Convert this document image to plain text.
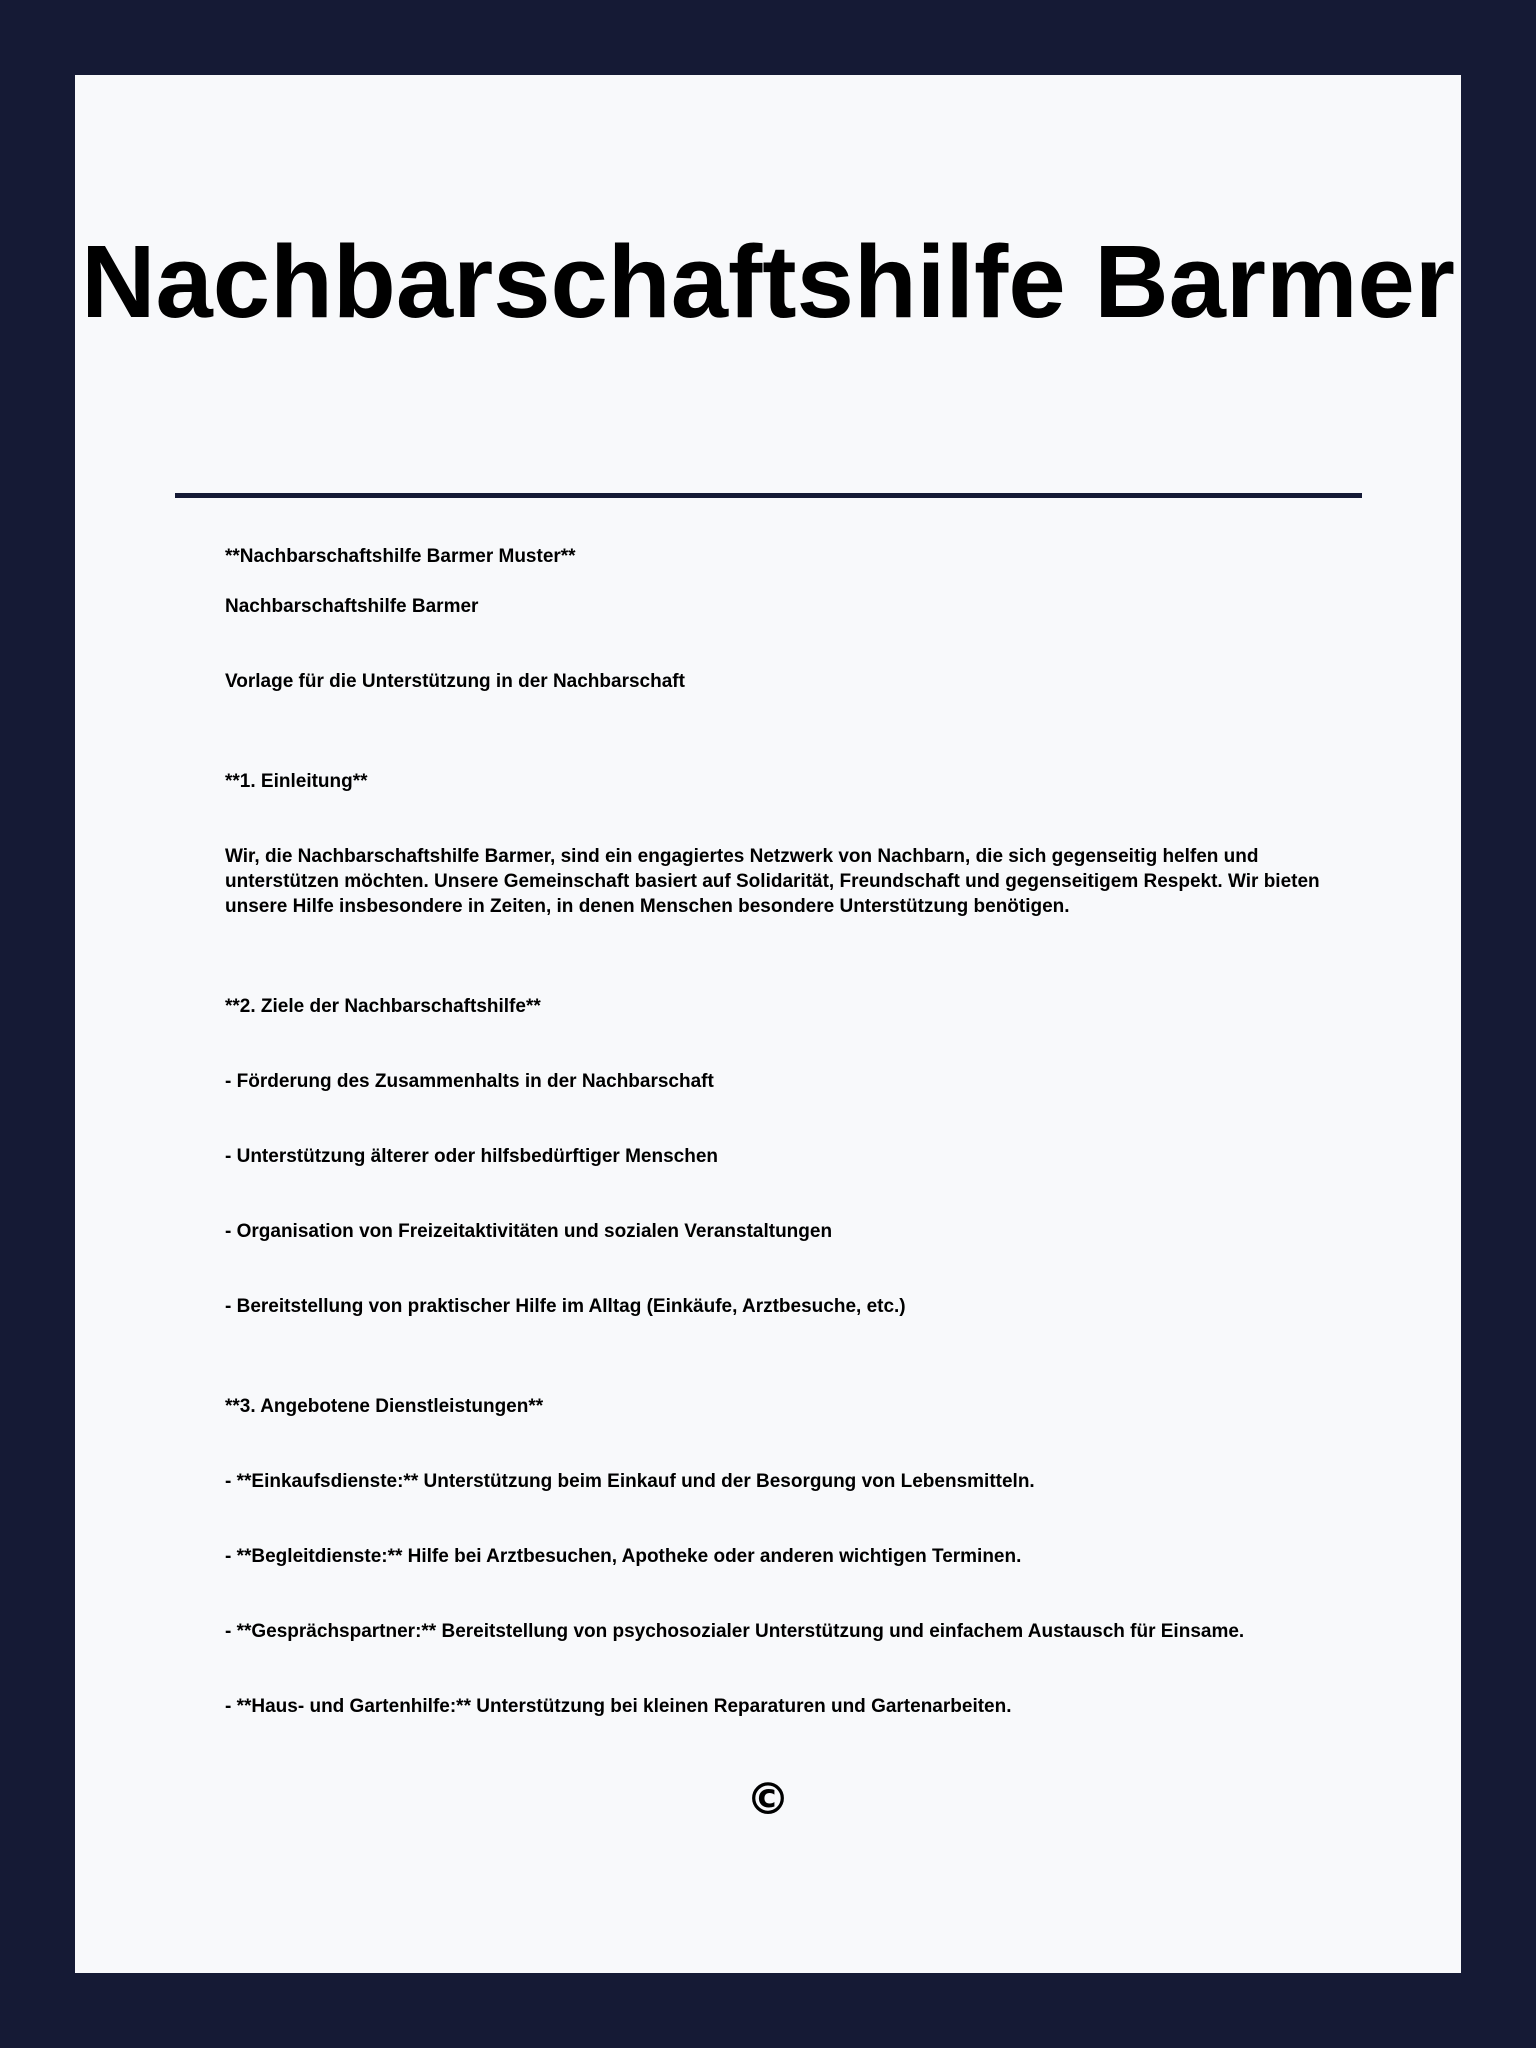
Nachbarschaftshilfe Barmer

**Nachbarschaftshilfe Barmer Muster**

Nachbarschaftshilfe Barmer

Vorlage für die Unterstützung in der Nachbarschaft

**1. Einleitung**

Wir, die Nachbarschaftshilfe Barmer, sind ein engagiertes Netzwerk von Nachbarn, die sich gegenseitig helfen und unterstützen möchten. Unsere Gemeinschaft basiert auf Solidarität, Freundschaft und gegenseitigem Respekt. Wir bieten unsere Hilfe insbesondere in Zeiten, in denen Menschen besondere Unterstützung benötigen.

**2. Ziele der Nachbarschaftshilfe**

- Förderung des Zusammenhalts in der Nachbarschaft

- Unterstützung älterer oder hilfsbedürftiger Menschen

- Organisation von Freizeitaktivitäten und sozialen Veranstaltungen

- Bereitstellung von praktischer Hilfe im Alltag (Einkäufe, Arztbesuche, etc.)

**3. Angebotene Dienstleistungen**

- **Einkaufsdienste:** Unterstützung beim Einkauf und der Besorgung von Lebensmitteln.

- **Begleitdienste:** Hilfe bei Arztbesuchen, Apotheke oder anderen wichtigen Terminen.

- **Gesprächspartner:** Bereitstellung von psychosozialer Unterstützung und einfachem Austausch für Einsame.

- **Haus- und Gartenhilfe:** Unterstützung bei kleinen Reparaturen und Gartenarbeiten.

©
